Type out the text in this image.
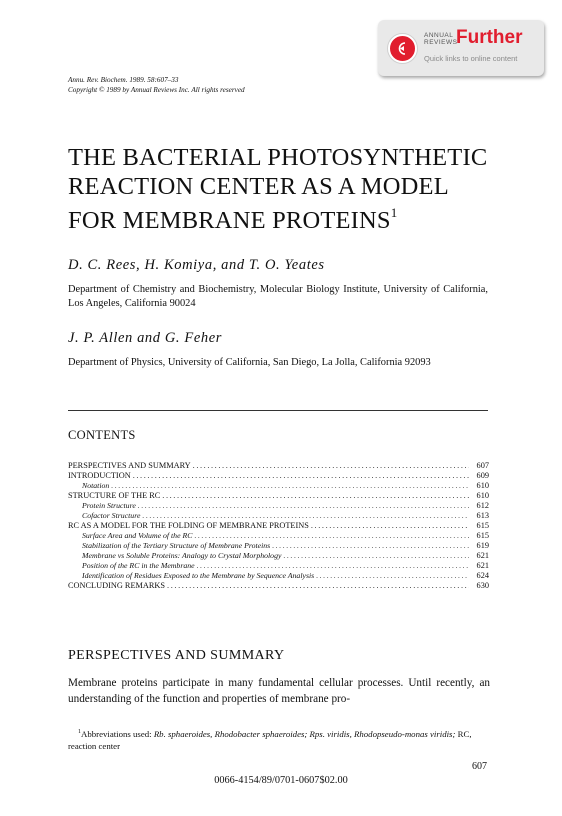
ANNUAL
REVIEWS
Further
Quick links to online content
Annu. Rev. Biochem. 1989. 58:607–33
Copyright © 1989 by Annual Reviews Inc. All rights reserved
THE BACTERIAL PHOTOSYNTHETIC
REACTION CENTER AS A MODEL
FOR MEMBRANE PROTEINS$^1$
D. C. Rees, H. Komiya, and T. O. Yeates
Department of Chemistry and Biochemistry, Molecular Biology Institute, University of California, Los Angeles, California 90024
J. P. Allen and G. Feher
Department of Physics, University of California, San Diego, La Jolla, California 92093
CONTENTS
PERSPECTIVES AND SUMMARY .....	607
INTRODUCTION .....	609
Notation .....	610
STRUCTURE OF THE RC .....	610
Protein Structure .....	612
Cofactor Structure .....	613
RC AS A MODEL FOR THE FOLDING OF MEMBRANE PROTEINS .....	615
Surface Area and Volume of the RC .....	615
Stabilization of the Tertiary Structure of Membrane Proteins .....	619
Membrane vs Soluble Proteins: Analogy to Crystal Morphology .....	621
Position of the RC in the Membrane .....	621
Identification of Residues Exposed to the Membrane by Sequence Analysis .....	624
CONCLUDING REMARKS .....	630
PERSPECTIVES AND SUMMARY
Membrane proteins participate in many fundamental cellular processes. Until recently, an understanding of the function and properties of membrane pro-
$^1$Abbreviations used: Rb. sphaeroides, Rhodobacter sphaeroides; Rps. viridis, Rhodopseudo-monas viridis; RC, reaction center
607
0066-4154/89/0701-0607$02.00
